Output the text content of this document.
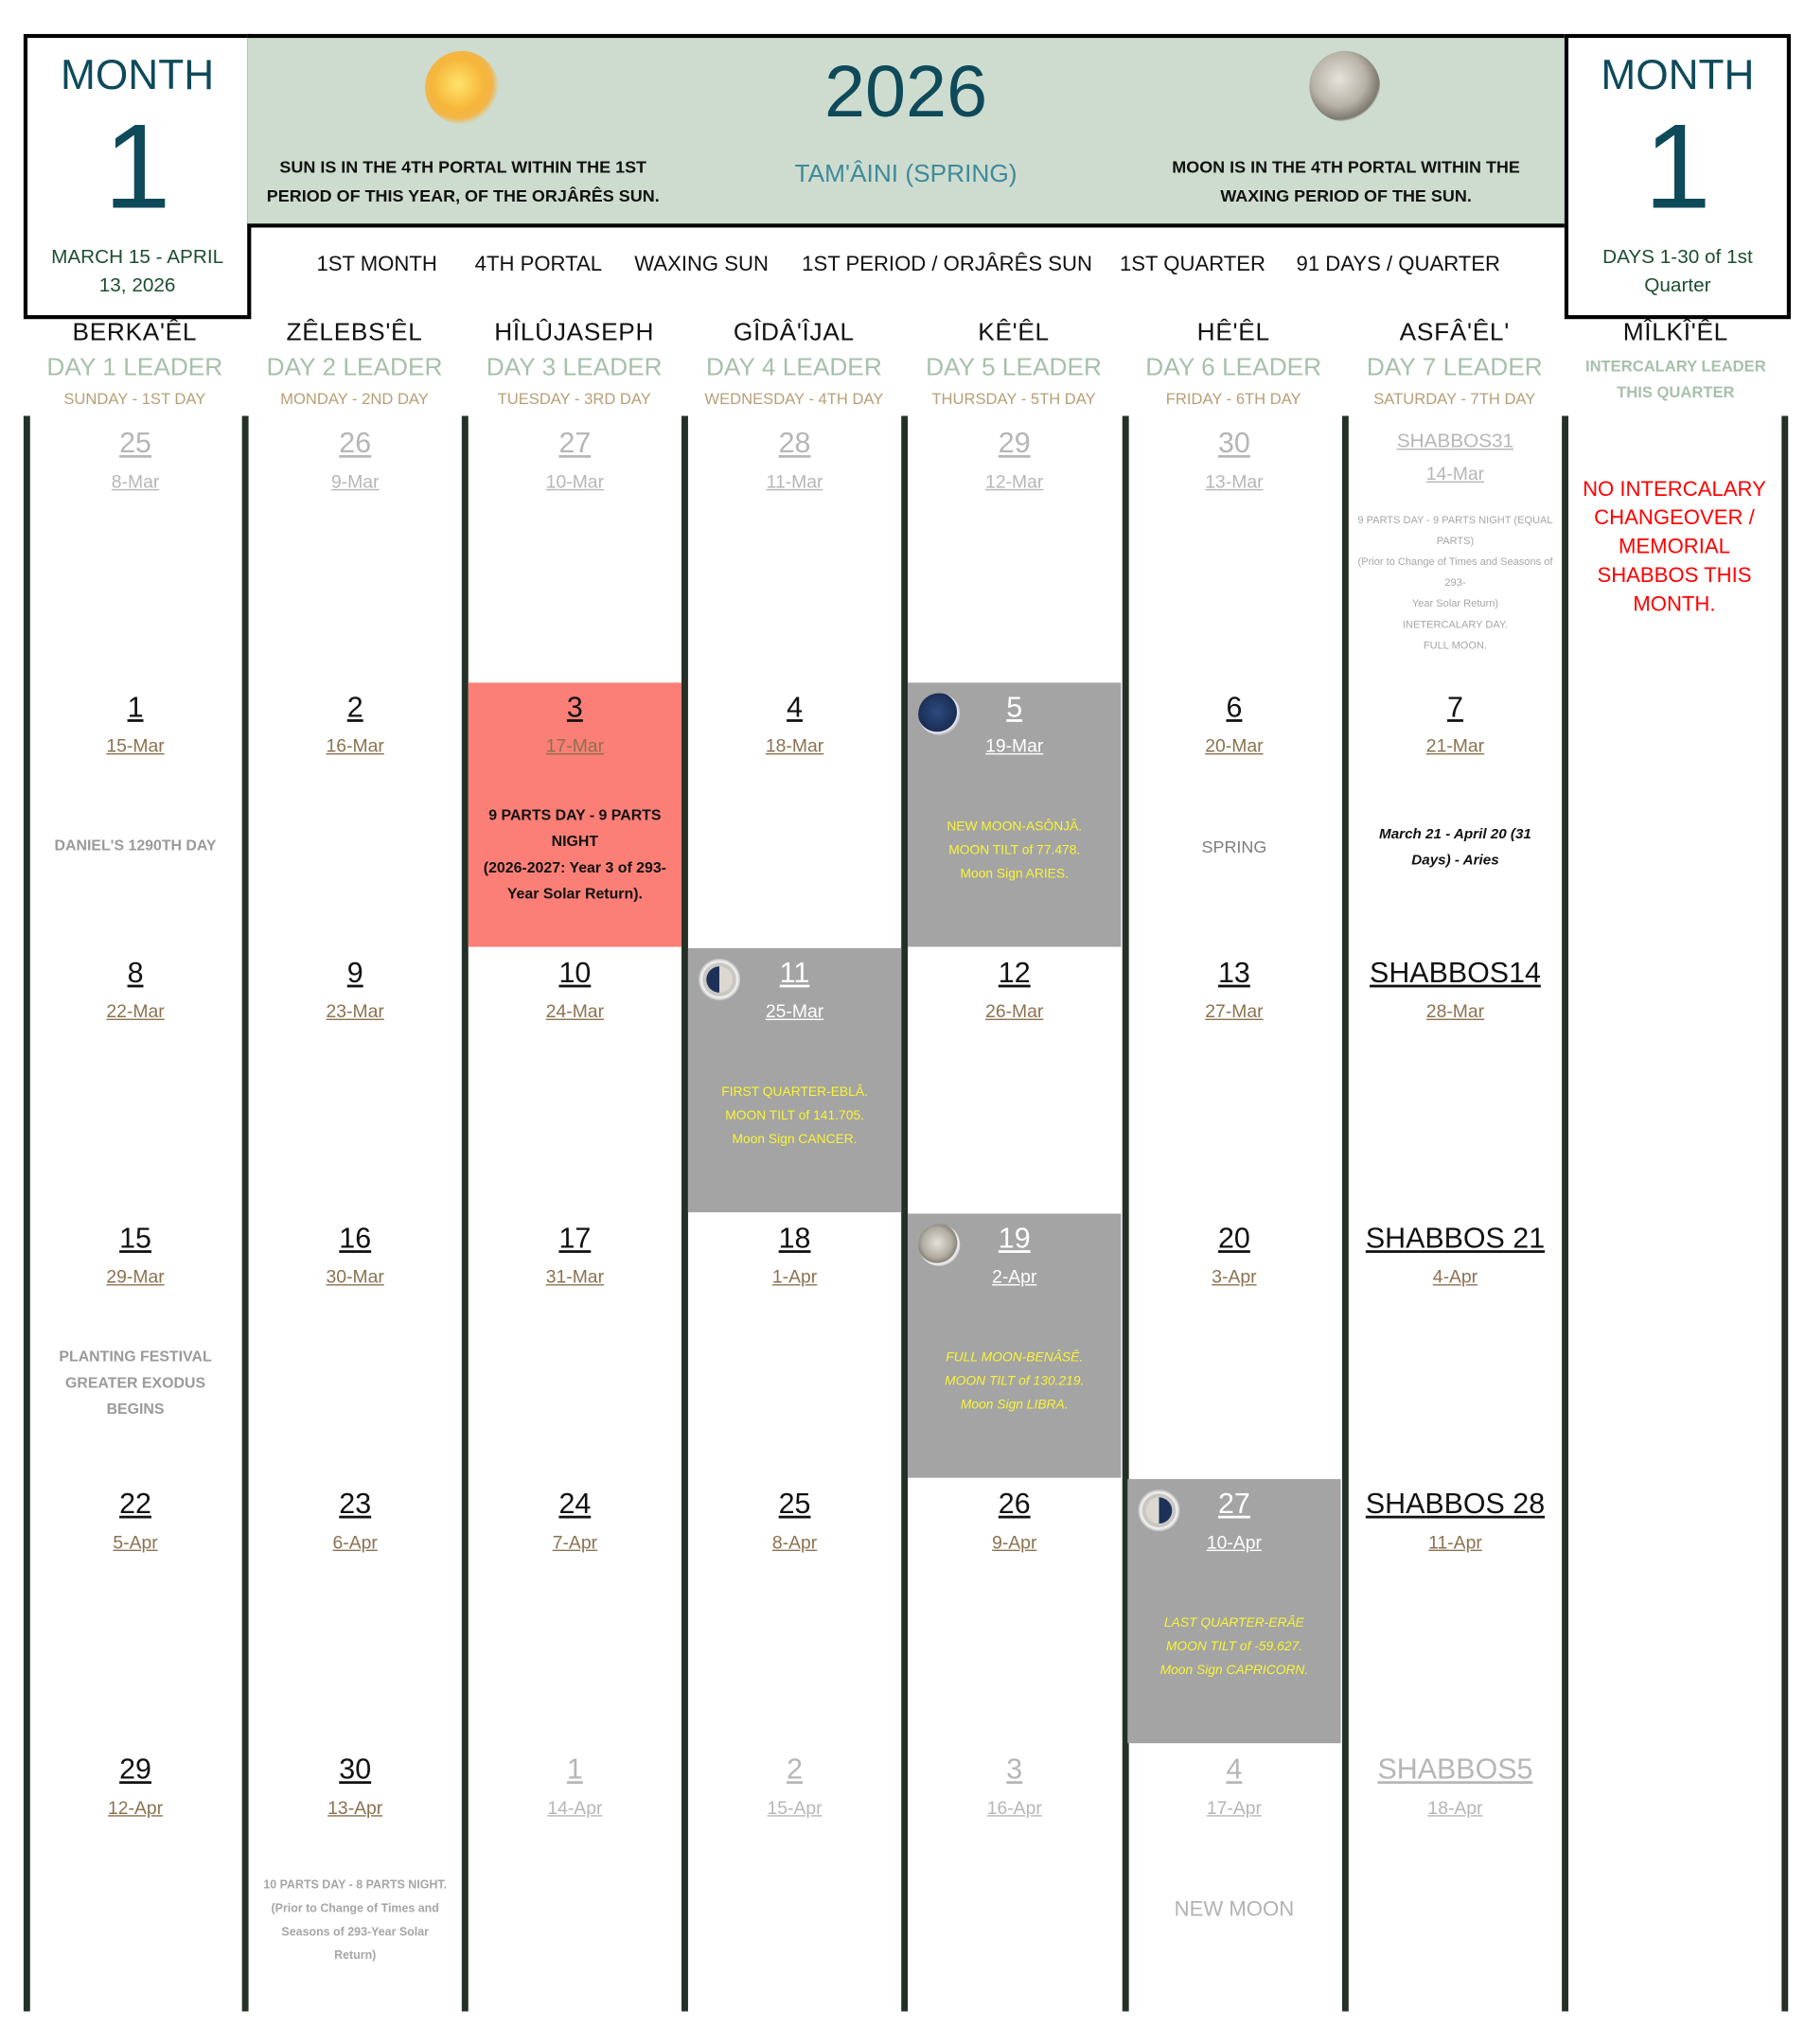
MONTH
1
MARCH 15 - APRIL
13, 2026
2026
TAM'ÂINI (SPRING)
SUN IS IN THE 4TH PORTAL WITHIN THE 1ST
PERIOD OF THIS YEAR, OF THE ORJÂRÊS SUN.
MOON IS IN THE 4TH PORTAL WITHIN THE
WAXING PERIOD OF THE SUN.
MONTH
1
DAYS 1-30 of 1st
Quarter
1ST MONTH 4TH PORTAL WAXING SUN 1ST PERIOD / ORJÂRÊS SUN 1ST QUARTER 91 DAYS / QUARTER
BERKA'ÊL
DAY 1 LEADER
SUNDAY - 1ST DAY
ZÊLEBS'ÊL
DAY 2 LEADER
MONDAY - 2ND DAY
HÎLÛJASEPH
DAY 3 LEADER
TUESDAY - 3RD DAY
GÎDÂ'ÎJAL
DAY 4 LEADER
WEDNESDAY - 4TH DAY
KÊ'ÊL
DAY 5 LEADER
THURSDAY - 5TH DAY
HÊ'ÊL
DAY 6 LEADER
FRIDAY - 6TH DAY
ASFÂ'ÊL'
DAY 7 LEADER
SATURDAY - 7TH DAY
MÎLKÎ'ÊL
INTERCALARY LEADER
THIS QUARTER
25
8-Mar
26
9-Mar
27
10-Mar
28
11-Mar
29
12-Mar
30
13-Mar
SHABBOS31
14-Mar
9 PARTS DAY - 9 PARTS NIGHT (EQUAL
PARTS)
(Prior to Change of Times and Seasons of 293-
Year Solar Return)
INETERCALARY DAY.
FULL MOON.
1
15-Mar
DANIEL'S 1290TH DAY
2
16-Mar
3
17-Mar
9 PARTS DAY - 9 PARTS
NIGHT
(2026-2027: Year 3 of 293-
Year Solar Return).
4
18-Mar
5
19-Mar
NEW MOON-ASÔNJÂ.
MOON TILT of 77.478.
Moon Sign ARIES.
6
20-Mar
SPRING
7
21-Mar
March 21 - April 20 (31
Days) - Aries
8
22-Mar
9
23-Mar
10
24-Mar
11
25-Mar
FIRST QUARTER-EBLÂ.
MOON TILT of 141.705.
Moon Sign CANCER.
12
26-Mar
13
27-Mar
SHABBOS14
28-Mar
15
29-Mar
PLANTING FESTIVAL
GREATER EXODUS
BEGINS
16
30-Mar
17
31-Mar
18
1-Apr
19
2-Apr
FULL MOON-BENÂSÊ.
MOON TILT of 130.219.
Moon Sign LIBRA.
20
3-Apr
SHABBOS 21
4-Apr
22
5-Apr
23
6-Apr
24
7-Apr
25
8-Apr
26
9-Apr
27
10-Apr
LAST QUARTER-ERÂE
MOON TILT of -59.627.
Moon Sign CAPRICORN.
SHABBOS 28
11-Apr
29
12-Apr
30
13-Apr
10 PARTS DAY - 8 PARTS NIGHT.
(Prior to Change of Times and
Seasons of 293-Year Solar
Return)
1
14-Apr
2
15-Apr
3
16-Apr
4
17-Apr
NEW MOON
SHABBOS5
18-Apr
NO INTERCALARY
CHANGEOVER /
MEMORIAL
SHABBOS THIS
MONTH.
